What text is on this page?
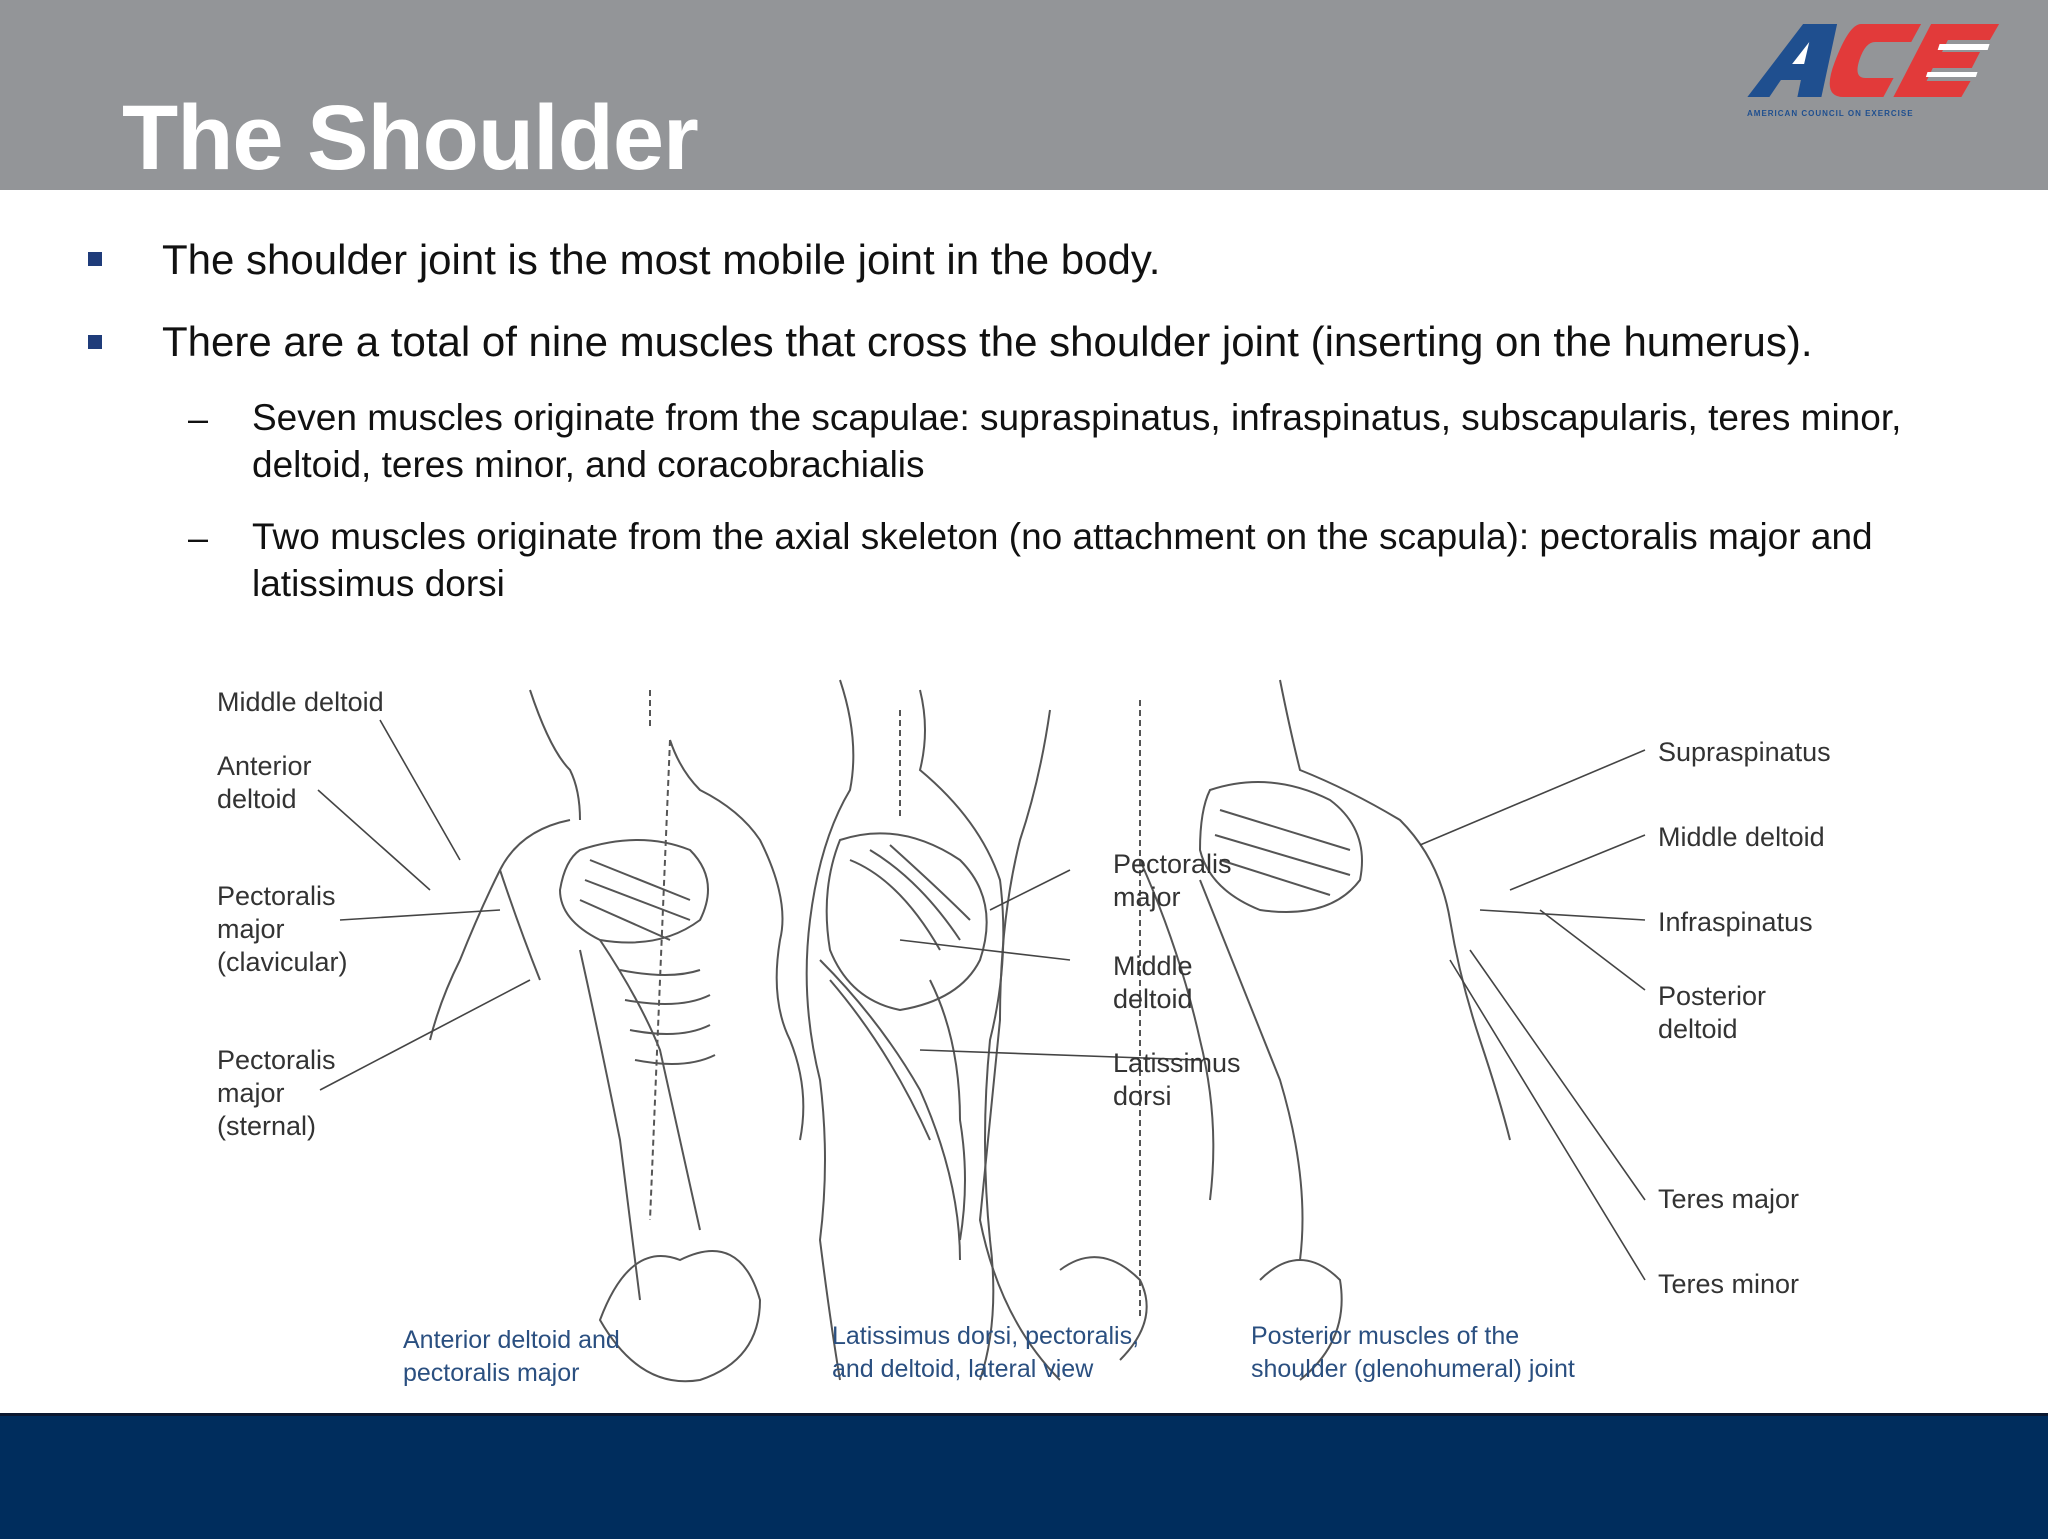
The Shoulder	AMERICAN COUNCIL ON EXERCISE
The shoulder joint is the most mobile joint in the body.
There are a total of nine muscles that cross the shoulder joint (inserting on the humerus).
– Seven muscles originate from the scapulae: supraspinatus, infraspinatus, subscapularis, teres minor, deltoid, teres minor, and coracobrachialis
– Two muscles originate from the axial skeleton (no attachment on the scapula): pectoralis major and latissimus dorsi
Middle deltoid
Anterior
deltoid
Pectoralis
major
(clavicular)
Pectoralis
major
(sternal)
Pectoralis
major
Middle
deltoid
Latissimus
dorsi
Supraspinatus
Middle deltoid
Infraspinatus
Posterior
deltoid
Teres major
Teres minor
Anterior deltoid and
pectoralis major
Latissimus dorsi, pectoralis,
and deltoid, lateral view
Posterior muscles of the
shoulder (glenohumeral) joint
